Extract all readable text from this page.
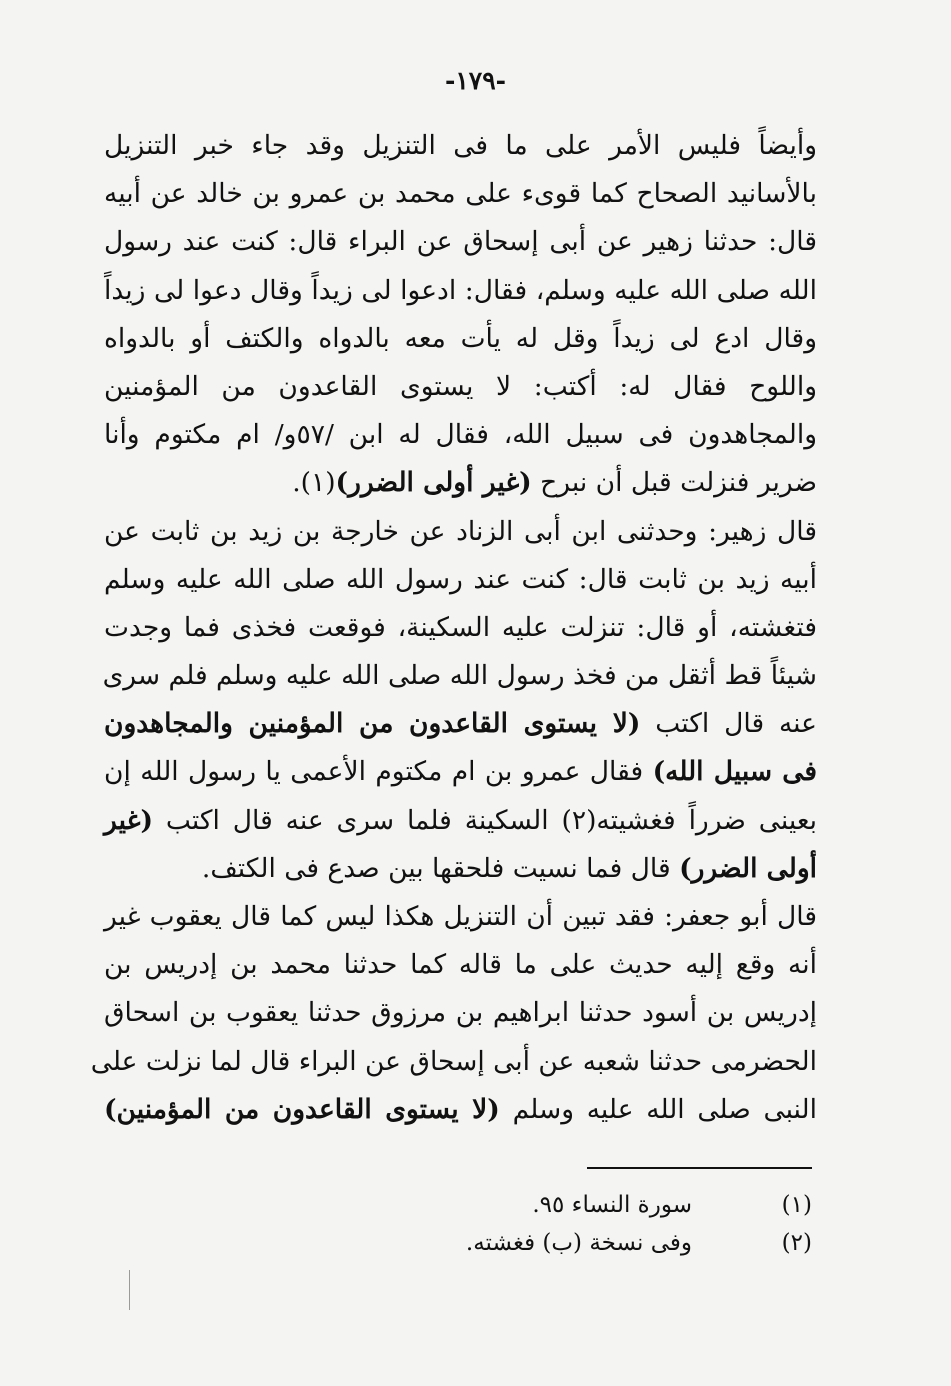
-١٧٩-
وأيضاً فليس الأمر على ما فى التنزيل وقد جاء خبر التنزيل
بالأسانيد الصحاح كما قوىء على محمد بن عمرو بن خالد عن أبيه
قال: حدثنا زهير عن أبى إسحاق عن البراء قال: كنت عند رسول
الله صلى الله عليه وسلم، فقال: ادعوا لى زيداً وقال دعوا لى زيداً
وقال ادع لى زيداً وقل له يأت معه بالدواه والكتف أو بالدواه
واللوح فقال له: أكتب: لا يستوى القاعدون من المؤمنين
والمجاهدون فى سبيل الله، فقال له ابن /٥٧و/ ام مكتوم وأنا
ضرير فنزلت قبل أن نبرح (غير أولى الضرر)(١).
قال زهير: وحدثنى ابن أبى الزناد عن خارجة بن زيد بن ثابت عن
أبيه زيد بن ثابت قال: كنت عند رسول الله صلى الله عليه وسلم
فتغشته، أو قال: تنزلت عليه السكينة، فوقعت فخذى فما وجدت
شيئاً قط أثقل من فخذ رسول الله صلى الله عليه وسلم فلم سرى
عنه قال اكتب (لا يستوى القاعدون من المؤمنين والمجاهدون
فى سبيل الله) فقال عمرو بن ام مكتوم الأعمى يا رسول الله إن
بعينى ضرراً فغشيته(٢) السكينة فلما سرى عنه قال اكتب (غير
أولى الضرر) قال فما نسيت فلحقها بين صدع فى الكتف.
قال أبو جعفر: فقد تبين أن التنزيل هكذا ليس كما قال يعقوب غير
أنه وقع إليه حديث على ما قاله كما حدثنا محمد بن إدريس بن
إدريس بن أسود حدثنا ابراهيم بن مرزوق حدثنا يعقوب بن اسحاق
الحضرمى حدثنا شعبه عن أبى إسحاق عن البراء قال لما نزلت على
النبى صلى الله عليه وسلم (لا يستوى القاعدون من المؤمنين)
(١)
سورة النساء ٩٥.
(٢)
وفى نسخة (ب) فغشته.
